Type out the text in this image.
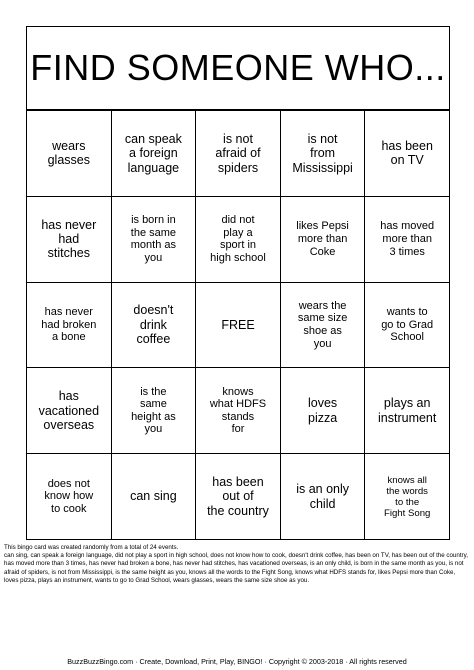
FIND SOMEONE WHO...
wears
glasses
can speak
a foreign
language
is not
afraid of
spiders
is not
from
Mississippi
has been
on TV
has never
had
stitches
is born in
the same
month as
you
did not
play a
sport in
high school
likes Pepsi
more than
Coke
has moved
more than
3 times
has never
had broken
a bone
doesn't
drink
coffee
FREE
wears the
same size
shoe as
you
wants to
go to Grad
School
has
vacationed
overseas
is the
same
height as
you
knows
what HDFS
stands
for
loves
pizza
plays an
instrument
does not
know how
to cook
can sing
has been
out of
the country
is an only
child
knows all
the words
to the
Fight Song

This bingo card was created randomly from a total of 24 events.

can sing, can speak a foreign language, did not play a sport in high school, does not know how to cook, doesn't drink coffee, has been on TV, has been out of the country, has moved more than 3 times, has never had broken a bone, has never had stitches, has vacationed overseas, is an only child, is born in the same month as you, is not afraid of spiders, is not from Mississippi, is the same height as you, knows all the words to the Fight Song, knows what HDFS stands for, likes Pepsi more than Coke, loves pizza, plays an instrument, wants to go to Grad School, wears glasses, wears the same size shoe as you.

BuzzBuzzBingo.com · Create, Download, Print, Play, BINGO! · Copyright © 2003-2018 · All rights reserved
